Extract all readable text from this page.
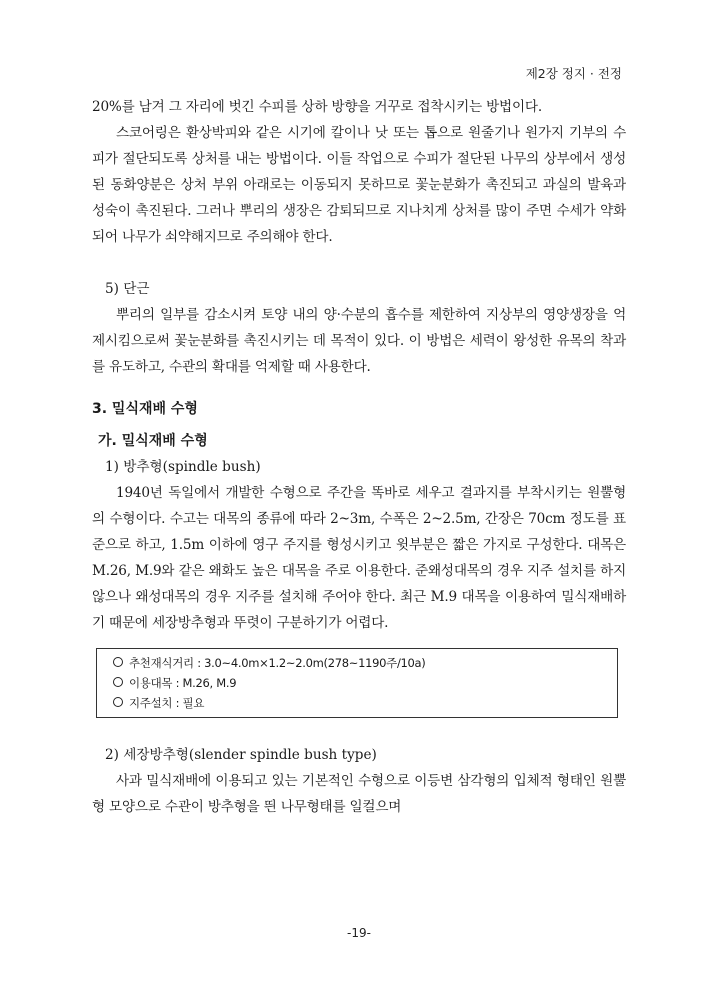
제2장 정지 · 전정

20%를 남겨 그 자리에 벗긴 수피를 상하 방향을 거꾸로 접착시키는 방법이다.

스코어링은 환상박피와 같은 시기에 칼이나 낫 또는 톱으로 원줄기나 원가지 기부의 수피가 절단되도록 상처를 내는 방법이다. 이들 작업으로 수피가 절단된 나무의 상부에서 생성된 동화양분은 상처 부위 아래로는 이동되지 못하므로 꽃눈분화가 촉진되고 과실의 발육과 성숙이 촉진된다. 그러나 뿌리의 생장은 감퇴되므로 지나치게 상처를 많이 주면 수세가 약화되어 나무가 쇠약해지므로 주의해야 한다.

5) 단근

뿌리의 일부를 감소시켜 토양 내의 양·수분의 흡수를 제한하여 지상부의 영양생장을 억제시킴으로써 꽃눈분화를 촉진시키는 데 목적이 있다. 이 방법은 세력이 왕성한 유목의 착과를 유도하고, 수관의 확대를 억제할 때 사용한다.

3. 밀식재배 수형

가. 밀식재배 수형

1) 방추형(spindle bush)

1940년 독일에서 개발한 수형으로 주간을 똑바로 세우고 결과지를 부착시키는 원뿔형의 수형이다. 수고는 대목의 종류에 따라 2~3m, 수폭은 2~2.5m, 간장은 70cm 정도를 표준으로 하고, 1.5m 이하에 영구 주지를 형성시키고 윗부분은 짧은 가지로 구성한다. 대목은 M.26, M.9와 같은 왜화도 높은 대목을 주로 이용한다. 준왜성대목의 경우 지주 설치를 하지 않으나 왜성대목의 경우 지주를 설치해 주어야 한다. 최근 M.9 대목을 이용하여 밀식재배하기 때문에 세장방추형과 뚜렷이 구분하기가 어렵다.

추천재식거리 : 3.0~4.0m×1.2~2.0m(278~1190주/10a)
이용대목 : M.26, M.9
지주설치 : 필요

2) 세장방추형(slender spindle bush type)

사과 밀식재배에 이용되고 있는 기본적인 수형으로 이등변 삼각형의 입체적 형태인 원뿔형 모양으로 수관이 방추형을 띈 나무형태를 일컬으며

-19-
